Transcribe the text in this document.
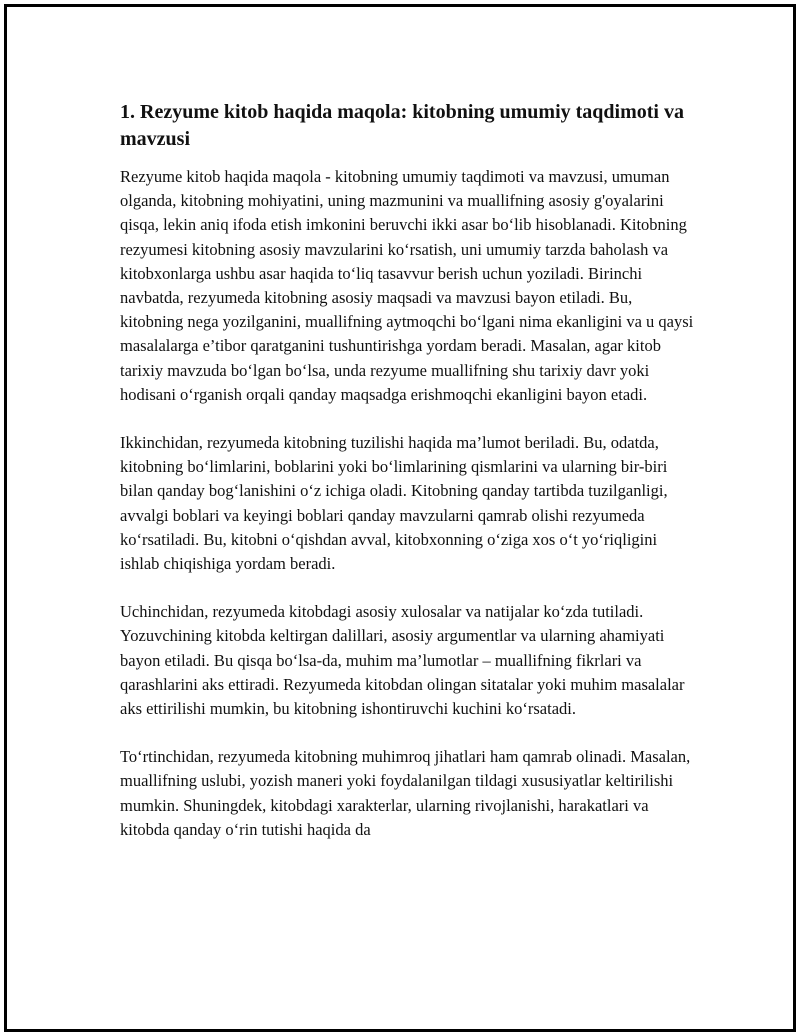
1. Rezyume kitob haqida maqola: kitobning umumiy taqdimoti va mavzusi

Rezyume kitob haqida maqola - kitobning umumiy taqdimoti va mavzusi, umuman olganda, kitobning mohiyatini, uning mazmunini va muallifning asosiy g'oyalarini qisqa, lekin aniq ifoda etish imkonini beruvchi ikki asar bo‘lib hisoblanadi. Kitobning rezyumesi kitobning asosiy mavzularini ko‘rsatish, uni umumiy tarzda baholash va kitobxonlarga ushbu asar haqida to‘liq tasavvur berish uchun yoziladi. Birinchi navbatda, rezyumeda kitobning asosiy maqsadi va mavzusi bayon etiladi. Bu, kitobning nega yozilganini, muallifning aytmoqchi bo‘lgani nima ekanligini va u qaysi masalalarga e’tibor qaratganini tushuntirishga yordam beradi. Masalan, agar kitob tarixiy mavzuda bo‘lgan bo‘lsa, unda rezyume muallifning shu tarixiy davr yoki hodisani o‘rganish orqali qanday maqsadga erishmoqchi ekanligini bayon etadi.

Ikkinchidan, rezyumeda kitobning tuzilishi haqida ma’lumot beriladi. Bu, odatda, kitobning bo‘limlarini, boblarini yoki bo‘limlarining qismlarini va ularning bir-biri bilan qanday bog‘lanishini o‘z ichiga oladi. Kitobning qanday tartibda tuzilganligi, avvalgi boblari va keyingi boblari qanday mavzularni qamrab olishi rezyumeda ko‘rsatiladi. Bu, kitobni o‘qishdan avval, kitobxonning o‘ziga xos o‘t yo‘riqligini ishlab chiqishiga yordam beradi.

Uchinchidan, rezyumeda kitobdagi asosiy xulosalar va natijalar ko‘zda tutiladi. Yozuvchining kitobda keltirgan dalillari, asosiy argumentlar va ularning ahamiyati bayon etiladi. Bu qisqa bo‘lsa-da, muhim ma’lumotlar – muallifning fikrlari va qarashlarini aks ettiradi. Rezyumeda kitobdan olingan sitatalar yoki muhim masalalar aks ettirilishi mumkin, bu kitobning ishontiruvchi kuchini ko‘rsatadi.

To‘rtinchidan, rezyumeda kitobning muhimroq jihatlari ham qamrab olinadi. Masalan, muallifning uslubi, yozish maneri yoki foydalanilgan tildagi xususiyatlar keltirilishi mumkin. Shuningdek, kitobdagi xarakterlar, ularning rivojlanishi, harakatlari va kitobda qanday o‘rin tutishi haqida da
